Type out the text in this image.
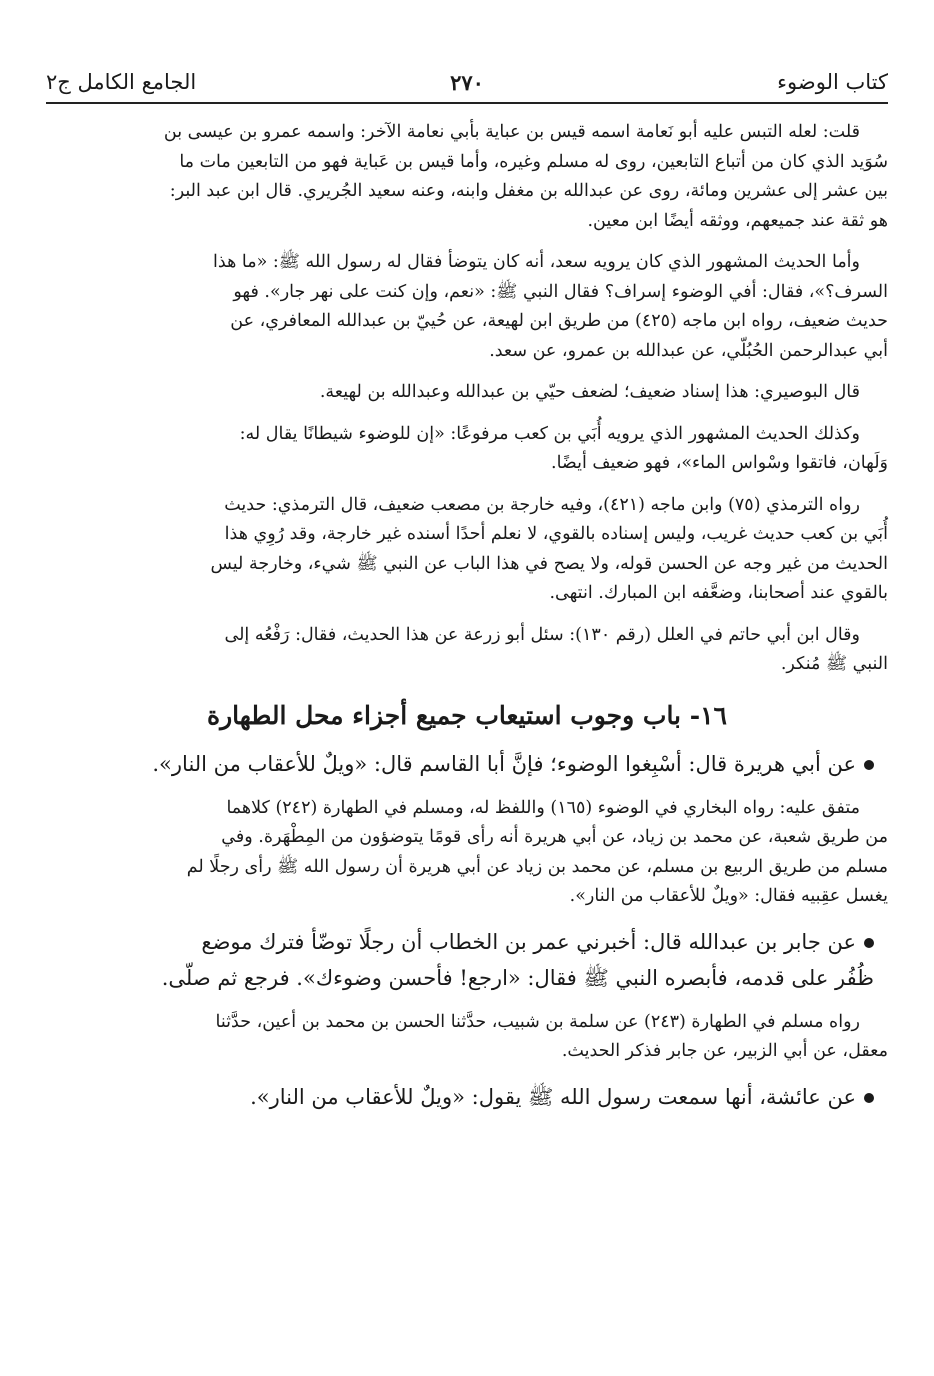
كتاب الوضوء
٢٧٠
الجامع الكامل ج٢
قلت: لعله التبس عليه أبو نَعامة اسمه قيس بن عباية بأبي نعامة الآخر: واسمه عمرو بن عيسى بن
سُوَيد الذي كان من أتباع التابعين، روى له مسلم وغيره، وأما قيس بن عَباية فهو من التابعين مات ما
بين عشر إلى عشرين ومائة، روى عن عبدالله بن مغفل وابنه، وعنه سعيد الجُريري. قال ابن عبد البر:
هو ثقة عند جميعهم، ووثقه أيضًا ابن معين.
وأما الحديث المشهور الذي كان يرويه سعد، أنه كان يتوضأ فقال له رسول الله ﷺ: «ما هذا
السرف؟»، فقال: أفي الوضوء إسراف؟ فقال النبي ﷺ: «نعم، وإن كنت على نهر جار». فهو
حديث ضعيف، رواه ابن ماجه (٤٢٥) من طريق ابن لهيعة، عن حُييّ بن عبدالله المعافري، عن
أبي عبدالرحمن الحُبُلّي، عن عبدالله بن عمرو، عن سعد.
قال البوصيري: هذا إسناد ضعيف؛ لضعف حيّي بن عبدالله وعبدالله بن لهيعة.
وكذلك الحديث المشهور الذي يرويه أُبَي بن كعب مرفوعًا: «إن للوضوء شيطانًا يقال له:
وَلَهان، فاتقوا وسْواس الماء»، فهو ضعيف أيضًا.
رواه الترمذي (٧٥) وابن ماجه (٤٢١)، وفيه خارجة بن مصعب ضعيف، قال الترمذي: حديث
أُبَي بن كعب حديث غريب، وليس إسناده بالقوي، لا نعلم أحدًا أسنده غير خارجة، وقد رُوِي هذا
الحديث من غير وجه عن الحسن قوله، ولا يصح في هذا الباب عن النبي ﷺ شيء، وخارجة ليس
بالقوي عند أصحابنا، وضعَّفه ابن المبارك. انتهى.
وقال ابن أبي حاتم في العلل (رقم ١٣٠): سئل أبو زرعة عن هذا الحديث، فقال: رَفْعُه إلى
النبي ﷺ مُنكر.
١٦- باب وجوب استيعاب جميع أجزاء محل الطهارة
عن أبي هريرة قال: أسْبِغوا الوضوء؛ فإنَّ أبا القاسم قال: «ويلٌ للأعقاب من النار».
متفق عليه: رواه البخاري في الوضوء (١٦٥) واللفظ له، ومسلم في الطهارة (٢٤٢) كلاهما
من طريق شعبة، عن محمد بن زياد، عن أبي هريرة أنه رأى قومًا يتوضؤون من المِطْهَرة. وفي
مسلم من طريق الربيع بن مسلم، عن محمد بن زياد عن أبي هريرة أن رسول الله ﷺ رأى رجلًا لم
يغسل عقِبيه فقال: «ويلٌ للأعقاب من النار».
عن جابر بن عبدالله قال: أخبرني عمر بن الخطاب أن رجلًا توضّأ فترك موضع
ظُفُر على قدمه، فأبصره النبي ﷺ فقال: «ارجع! فأحسن وضوءك». فرجع ثم صلّى.
رواه مسلم في الطهارة (٢٤٣) عن سلمة بن شبيب، حدَّثنا الحسن بن محمد بن أعين، حدَّثنا
معقل، عن أبي الزبير، عن جابر فذكر الحديث.
عن عائشة، أنها سمعت رسول الله ﷺ يقول: «ويلٌ للأعقاب من النار».
